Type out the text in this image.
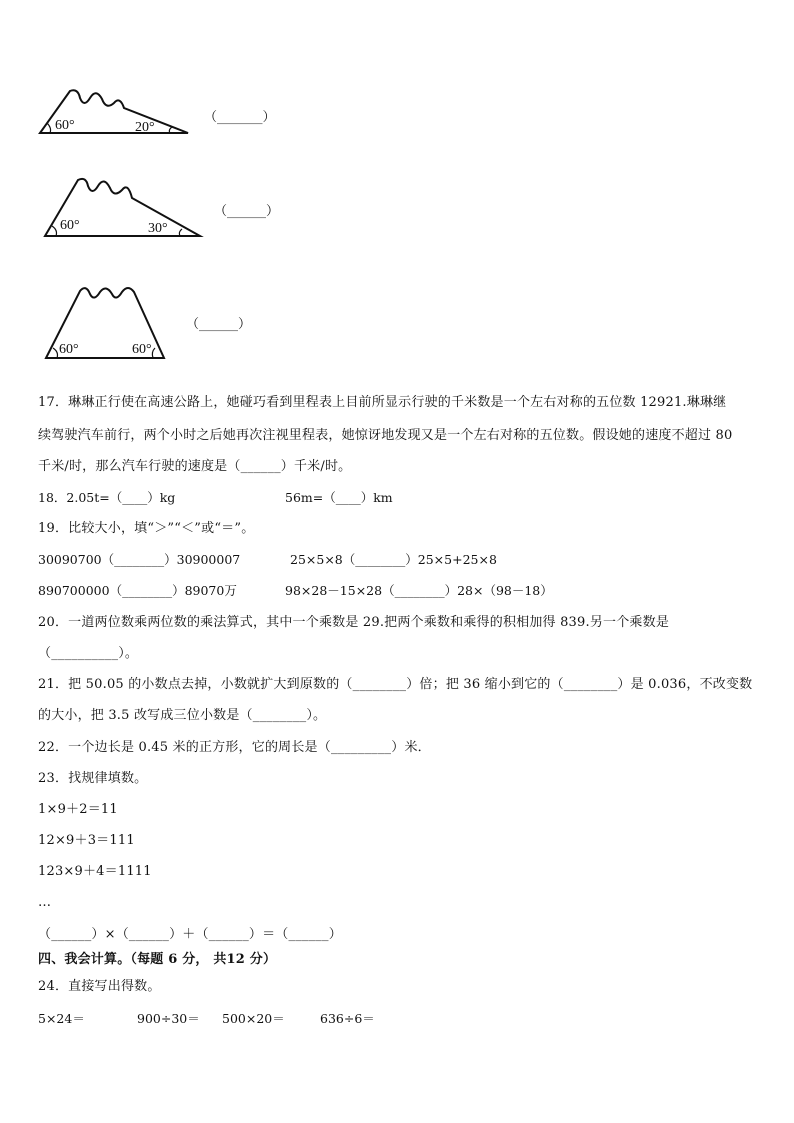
60°	20°
（_______）
60°	30°
（______）
60°	60°
（______）
17．琳琳正行使在高速公路上，她碰巧看到里程表上目前所显示行驶的千米数是一个左右对称的五位数 12921.琳琳继
续驾驶汽车前行，两个小时之后她再次注视里程表，她惊讶地发现又是一个左右对称的五位数。假设她的速度不超过 80
千米/时，那么汽车行驶的速度是（______）千米/时。
18．2.05t=（____）kg	56m=（____）km
19．比较大小，填“＞”“＜”或“＝”。
30090700（________）30900007	25×5×8（________）25×5+25×8
890700000（________）89070万	98×28－15×28（________）28×（98－18）
20．一道两位数乘两位数的乘法算式，其中一个乘数是 29.把两个乘数和乘得的积相加得 839.另一个乘数是
（__________）。
21．把 50.05 的小数点去掉，小数就扩大到原数的（________）倍；把 36 缩小到它的（________）是 0.036，不改变数
的大小，把 3.5 改写成三位小数是（________）。
22．一个边长是 0.45 米的正方形，它的周长是（_________）米．
23．找规律填数。
1×9＋2＝11
12×9＋3＝111
123×9＋4＝1111
…
（______）×（______）＋（______）＝（______）
四、我会计算。（每题 6 分， 共12 分）
24．直接写出得数。
5×24＝	900÷30＝ 500×20＝	636÷6＝
